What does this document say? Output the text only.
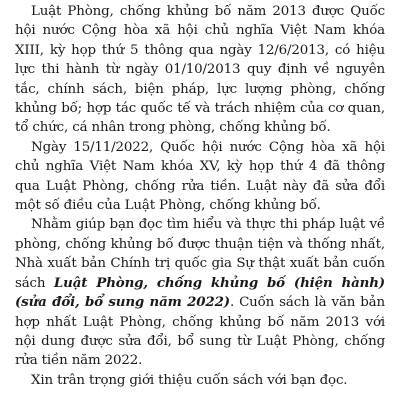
Luật Phòng, chống khủng bố năm 2013 được Quốc hội nước Cộng hòa xã hội chủ nghĩa Việt Nam khóa XIII, kỳ họp thứ 5 thông qua ngày 12/6/2013, có hiệu lực thi hành từ ngày 01/10/2013 quy định về nguyên tắc, chính sách, biện pháp, lực lượng phòng, chống khủng bố; hợp tác quốc tế và trách nhiệm của cơ quan, tổ chức, cá nhân trong phòng, chống khủng bố.

Ngày 15/11/2022, Quốc hội nước Cộng hòa xã hội chủ nghĩa Việt Nam khóa XV, kỳ họp thứ 4 đã thông qua Luật Phòng, chống rửa tiền. Luật này đã sửa đổi một số điều của Luật Phòng, chống khủng bố.

Nhằm giúp bạn đọc tìm hiểu và thực thi pháp luật về phòng, chống khủng bố được thuận tiện và thống nhất, Nhà xuất bản Chính trị quốc gia Sự thật xuất bản cuốn sách Luật Phòng, chống khủng bố (hiện hành) (sửa đổi, bổ sung năm 2022). Cuốn sách là văn bản hợp nhất Luật Phòng, chống khủng bố năm 2013 với nội dung được sửa đổi, bổ sung từ Luật Phòng, chống rửa tiền năm 2022.

Xin trân trọng giới thiệu cuốn sách với bạn đọc.
